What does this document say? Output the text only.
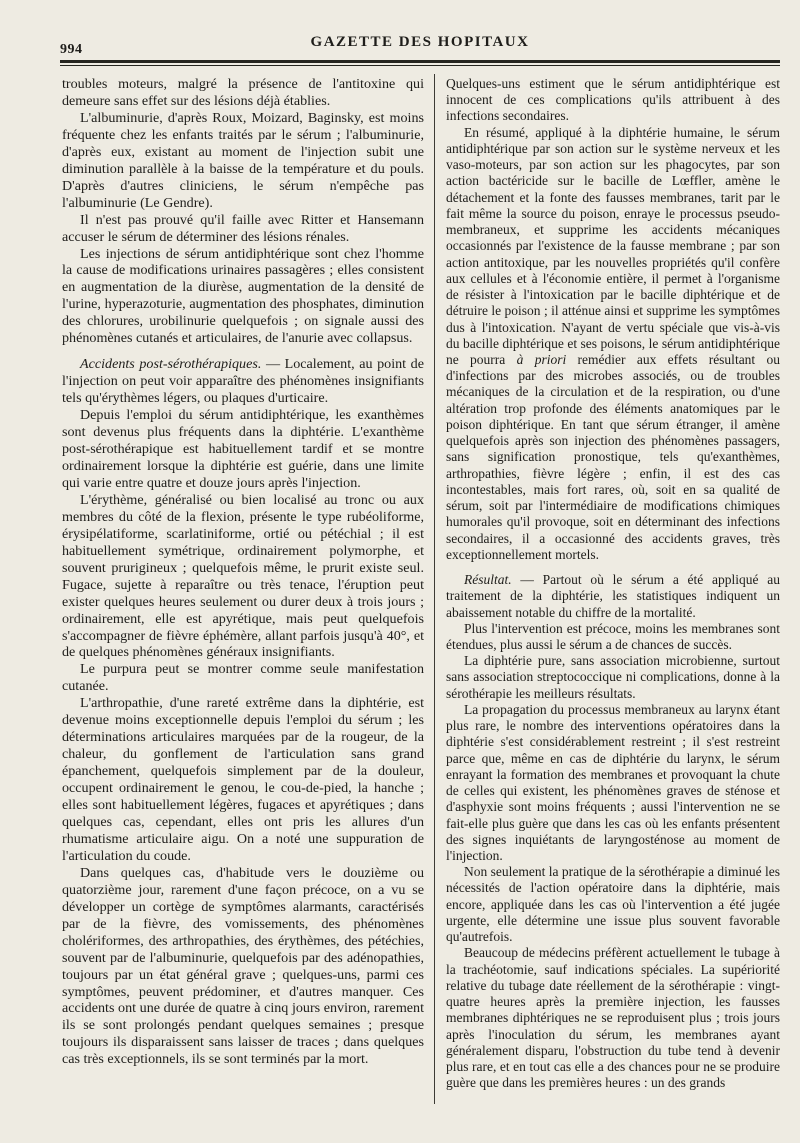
994	GAZETTE DES HOPITAUX

troubles moteurs, malgré la présence de l'antitoxine qui demeure sans effet sur des lésions déjà établies.

L'albuminurie, d'après Roux, Moizard, Baginsky, est moins fréquente chez les enfants traités par le sérum ; l'albuminurie, d'après eux, existant au moment de l'injection subit une diminution parallèle à la baisse de la température et du pouls. D'après d'autres cliniciens, le sérum n'empêche pas l'albuminurie (Le Gendre).

Il n'est pas prouvé qu'il faille avec Ritter et Hansemann accuser le sérum de déterminer des lésions rénales.

Les injections de sérum antidiphtérique sont chez l'homme la cause de modifications urinaires passagères ; elles consistent en augmentation de la diurèse, augmentation de la densité de l'urine, hyperazoturie, augmentation des phosphates, diminution des chlorures, urobilinurie quelquefois ; on signale aussi des phénomènes cutanés et articulaires, de l'anurie avec collapsus.

Accidents post-sérothérapiques. — Localement, au point de l'injection on peut voir apparaître des phénomènes insignifiants tels qu'érythèmes légers, ou plaques d'urticaire.

Depuis l'emploi du sérum antidiphtérique, les exanthèmes sont devenus plus fréquents dans la diphtérie. L'exanthème post-sérothérapique est habituellement tardif et se montre ordinairement lorsque la diphtérie est guérie, dans une limite qui varie entre quatre et douze jours après l'injection.

L'érythème, généralisé ou bien localisé au tronc ou aux membres du côté de la flexion, présente le type rubéoliforme, érysipélatiforme, scarlatiniforme, ortié ou pétéchial ; il est habituellement symétrique, ordinairement polymorphe, et souvent prurigineux ; quelquefois même, le prurit existe seul. Fugace, sujette à reparaître ou très tenace, l'éruption peut exister quelques heures seulement ou durer deux à trois jours ; ordinairement, elle est apyrétique, mais peut quelquefois s'accompagner de fièvre éphémère, allant parfois jusqu'à 40°, et de quelques phénomènes généraux insignifiants.

Le purpura peut se montrer comme seule manifestation cutanée.

L'arthropathie, d'une rareté extrême dans la diphtérie, est devenue moins exceptionnelle depuis l'emploi du sérum ; les déterminations articulaires marquées par de la rougeur, de la chaleur, du gonflement de l'articulation sans grand épanchement, quelquefois simplement par de la douleur, occupent ordinairement le genou, le cou-de-pied, la hanche ; elles sont habituellement légères, fugaces et apyrétiques ; dans quelques cas, cependant, elles ont pris les allures d'un rhumatisme articulaire aigu. On a noté une suppuration de l'articulation du coude.

Dans quelques cas, d'habitude vers le douzième ou quatorzième jour, rarement d'une façon précoce, on a vu se développer un cortège de symptômes alarmants, caractérisés par de la fièvre, des vomissements, des phénomènes cholériformes, des arthropathies, des érythèmes, des pétéchies, souvent par de l'albuminurie, quelquefois par des adénopathies, toujours par un état général grave ; quelques-uns, parmi ces symptômes, peuvent prédominer, et d'autres manquer. Ces accidents ont une durée de quatre à cinq jours environ, rarement ils se sont prolongés pendant quelques semaines ; presque toujours ils disparaissent sans laisser de traces ; dans quelques cas très exceptionnels, ils se sont terminés par la mort.

Quelques-uns estiment que le sérum antidiphtérique est innocent de ces complications qu'ils attribuent à des infections secondaires.

En résumé, appliqué à la diphtérie humaine, le sérum antidiphtérique par son action sur le système nerveux et les vaso-moteurs, par son action sur les phagocytes, par son action bactéricide sur le bacille de Lœffler, amène le détachement et la fonte des fausses membranes, tarit par le fait même la source du poison, enraye le processus pseudo-membraneux, et supprime les accidents mécaniques occasionnés par l'existence de la fausse membrane ; par son action antitoxique, par les nouvelles propriétés qu'il confère aux cellules et à l'économie entière, il permet à l'organisme de résister à l'intoxication par le bacille diphtérique et de détruire le poison ; il atténue ainsi et supprime les symptômes dus à l'intoxication. N'ayant de vertu spéciale que vis-à-vis du bacille diphtérique et ses poisons, le sérum antidiphtérique ne pourra à priori remédier aux effets résultant ou d'infections par des microbes associés, ou de troubles mécaniques de la circulation et de la respiration, ou d'une altération trop profonde des éléments anatomiques par le poison diphtérique. En tant que sérum étranger, il amène quelquefois après son injection des phénomènes passagers, sans signification pronostique, tels qu'exanthèmes, arthropathies, fièvre légère ; enfin, il est des cas incontestables, mais fort rares, où, soit en sa qualité de sérum, soit par l'intermédiaire de modifications chimiques humorales qu'il provoque, soit en déterminant des infections secondaires, il a occasionné des accidents graves, très exceptionnellement mortels.

Résultat. — Partout où le sérum a été appliqué au traitement de la diphtérie, les statistiques indiquent un abaissement notable du chiffre de la mortalité.

Plus l'intervention est précoce, moins les membranes sont étendues, plus aussi le sérum a de chances de succès.

La diphtérie pure, sans association microbienne, surtout sans association streptococcique ni complications, donne à la sérothérapie les meilleurs résultats.

La propagation du processus membraneux au larynx étant plus rare, le nombre des interventions opératoires dans la diphtérie s'est considérablement restreint ; il s'est restreint parce que, même en cas de diphtérie du larynx, le sérum enrayant la formation des membranes et provoquant la chute de celles qui existent, les phénomènes graves de sténose et d'asphyxie sont moins fréquents ; aussi l'intervention ne se fait-elle plus guère que dans les cas où les enfants présentent des signes inquiétants de laryngosténose au moment de l'injection.

Non seulement la pratique de la sérothérapie a diminué les nécessités de l'action opératoire dans la diphtérie, mais encore, appliquée dans les cas où l'intervention a été jugée urgente, elle détermine une issue plus souvent favorable qu'autrefois.

Beaucoup de médecins préfèrent actuellement le tubage à la trachéotomie, sauf indications spéciales. La supériorité relative du tubage date réellement de la sérothérapie : vingt-quatre heures après la première injection, les fausses membranes diphtériques ne se reproduisent plus ; trois jours après l'inoculation du sérum, les membranes ayant généralement disparu, l'obstruction du tube tend à devenir plus rare, et en tout cas elle a des chances pour ne se produire guère que dans les premières heures : un des grands
